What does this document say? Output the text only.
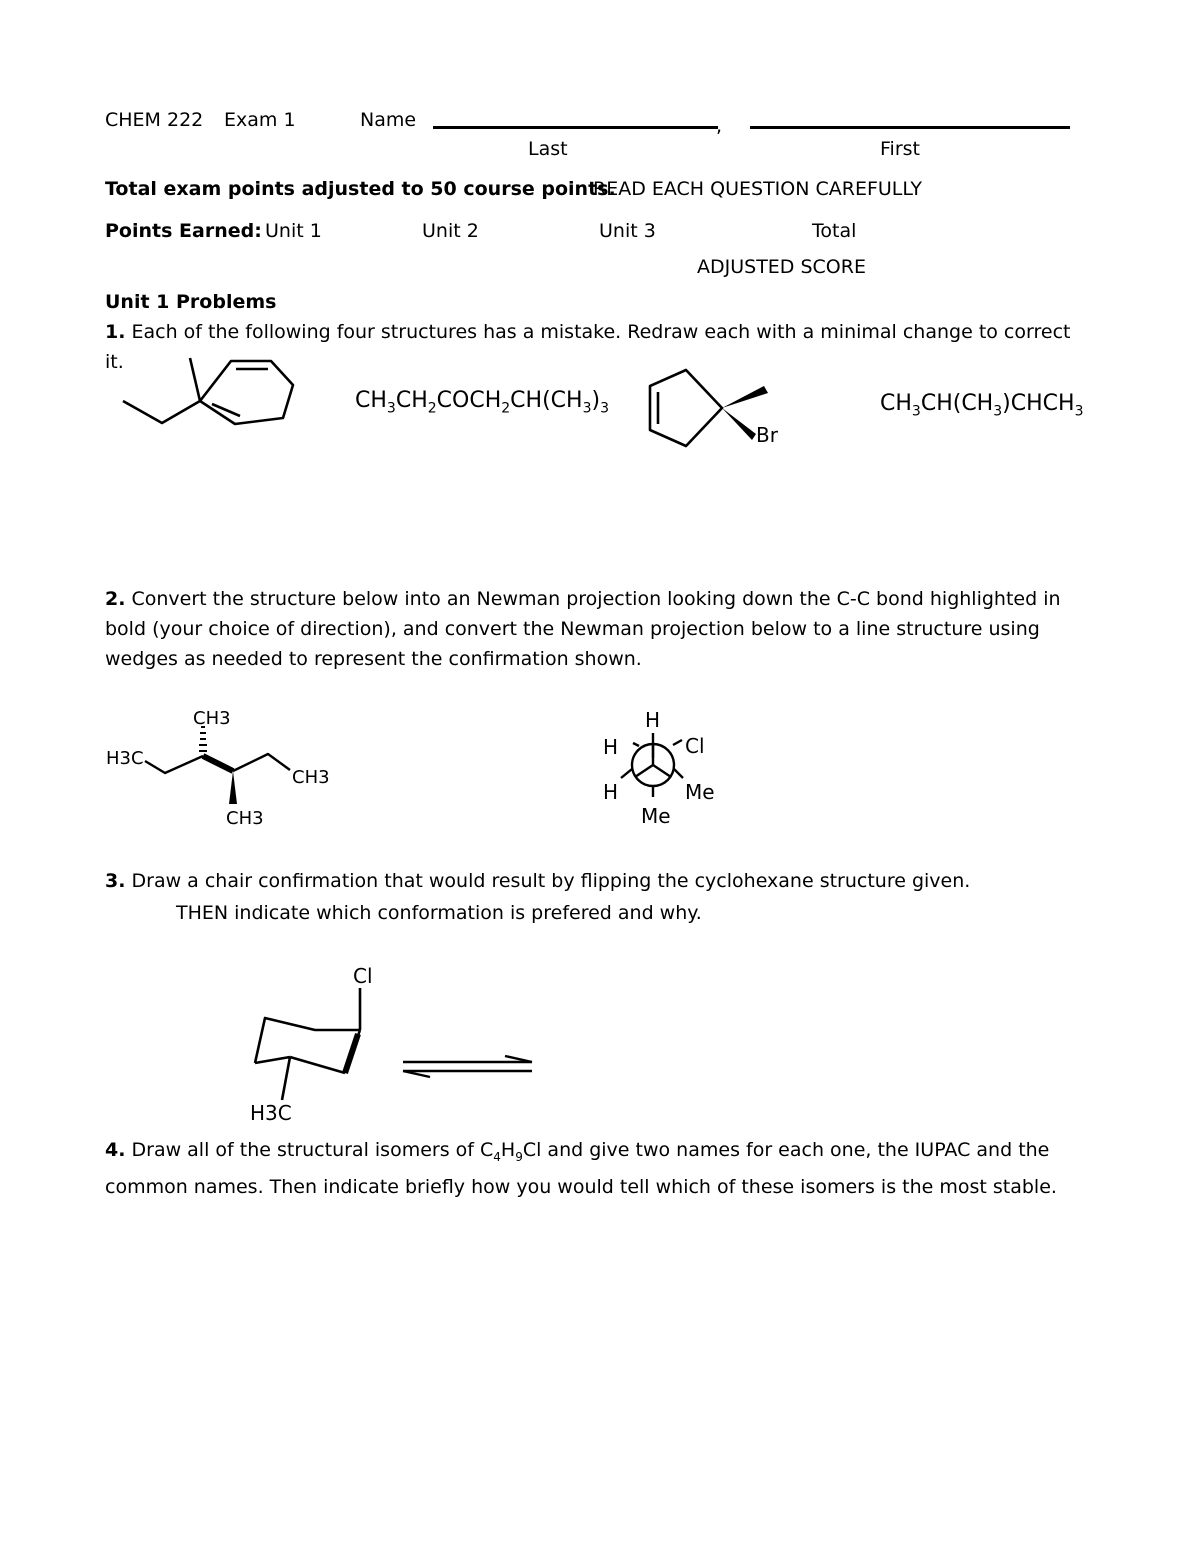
CHEM 222 Exam 1	Name	,
Last	First
Total exam points adjusted to 50 course points.
READ EACH QUESTION CAREFULLY
Points Earned: Unit 1	Unit 2	Unit 3	Total
ADJUSTED SCORE
Unit 1 Problems
1. Each of the following four structures has a mistake. Redraw each with a minimal change to correct it.
$CH_3CH_2COCH_2CH(CH_3)_3$
Br
$CH_3CH(CH_3)CHCH_3$
2. Convert the structure below into an Newman projection looking down the C-C bond highlighted in bold (your choice of direction), and convert the Newman projection below to a line structure using wedges as needed to represent the confirmation shown.
CH3
H3C
CH3
CH3
H
H	Cl
H	Me
Me
3. Draw a chair confirmation that would result by flipping the cyclohexane structure given.
THEN indicate which conformation is prefered and why.
Cl
H3C
4. Draw all of the structural isomers of $C_4H_9Cl$ and give two names for each one, the IUPAC and the common names. Then indicate briefly how you would tell which of these isomers is the most stable.
